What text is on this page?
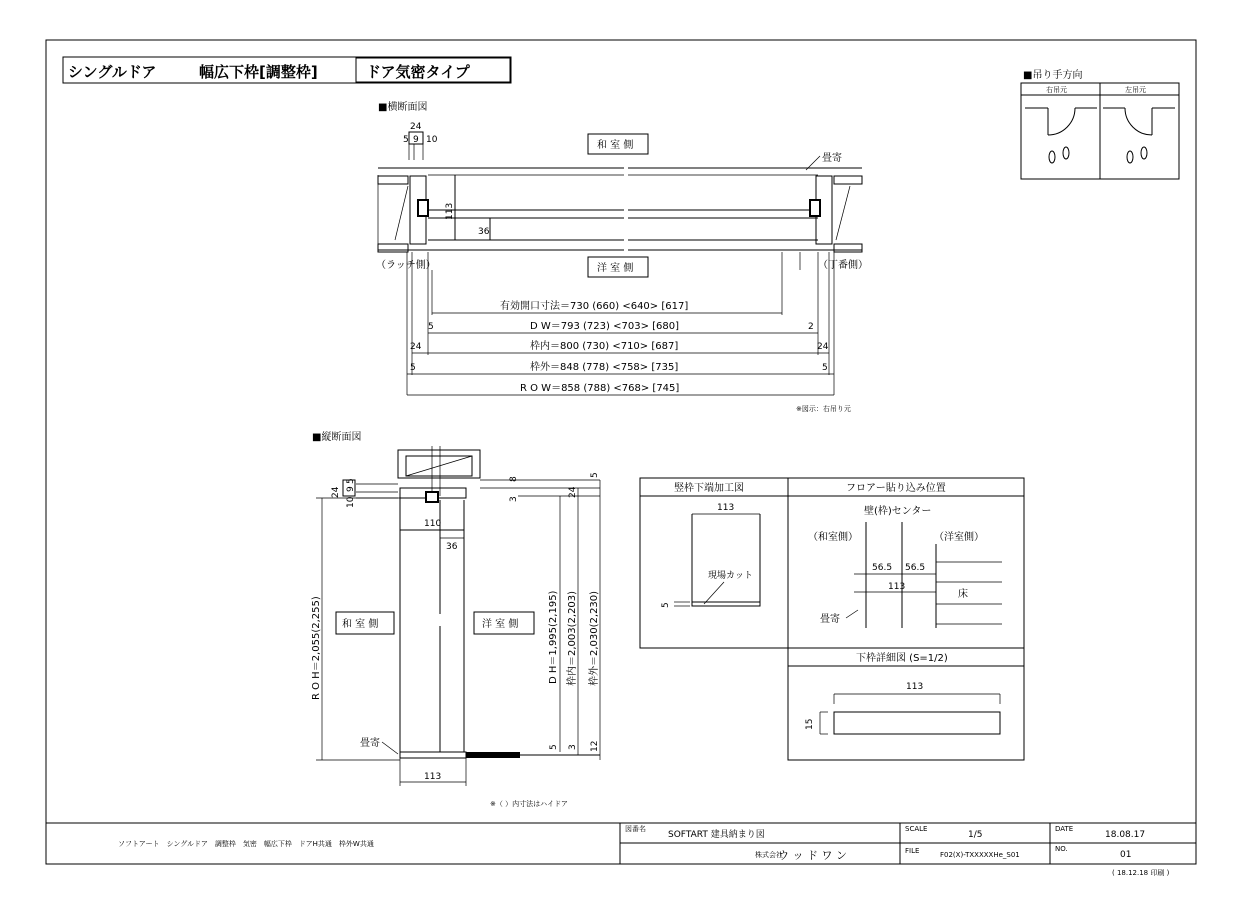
シングルドア	幅広下枠[調整枠]	ドア気密タイプ	■吊り手方向
右吊元	左吊元
■横断面図
24
5 9 10	和 室 側
113
36
畳寄
（ラッチ側）	（丁番側）
洋 室 側
有効開口寸法＝730 (660) <640> [617]
D W＝793 (723) <703> [680]
5	2
枠内＝800 (730) <710> [687]
24	24
枠外＝848 (778) <758> [735]
5	5
R O W＝858 (788) <768> [745]
※図示：右吊り元
■縦断面図
24
10
9
5
110
36
113
畳寄
8
3
5
24
D H＝1,995(2,195) 枠内＝2,003(2,203) 枠外＝2,030(2,230)
5 3 12
R O H＝2,055(2,255) 和 室 側	洋 室 側
※（ ）内寸法はハイドア
竪枠下端加工図	フロアー貼り込み位置
113
現場カット
5
壁(枠)センター
（和室側）	（洋室側）
56.5 56.5
113
床
畳寄
下枠詳細図 (S=1/2)
113
15
ソフトアート　シングルドア　調整枠　気密　幅広下枠　ドアH共通　枠外W共通
図番名
SOFTART 建具納まり図
株式会社
ウ ッ ド ワ ン
SCALE
1/5
FILE	F02(X)-TXXXXXHe_S01
DATE
18.08.17
NO.
01
( 18.12.18 印刷 )
